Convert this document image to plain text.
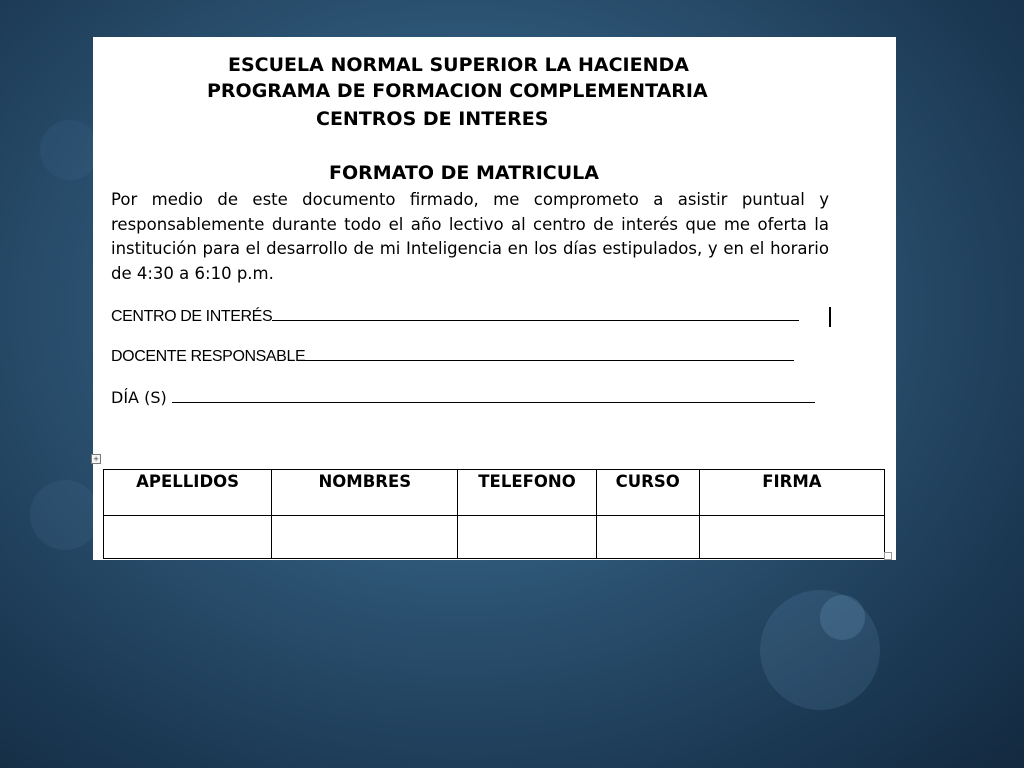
ESCUELA NORMAL SUPERIOR LA HACIENDA
PROGRAMA DE FORMACION COMPLEMENTARIA
CENTROS DE INTERES
FORMATO DE MATRICULA
Por medio de este documento firmado, me comprometo a asistir puntual y responsablemente durante todo el año lectivo al centro de interés que me oferta la institución para el desarrollo de mi Inteligencia en los días estipulados, y en el horario de 4:30 a 6:10 p.m.
CENTRO DE INTERÉS
DOCENTE RESPONSABLE
DÍA (S)
+
APELLIDOS	NOMBRES	TELEFONO	CURSO	FIRMA
